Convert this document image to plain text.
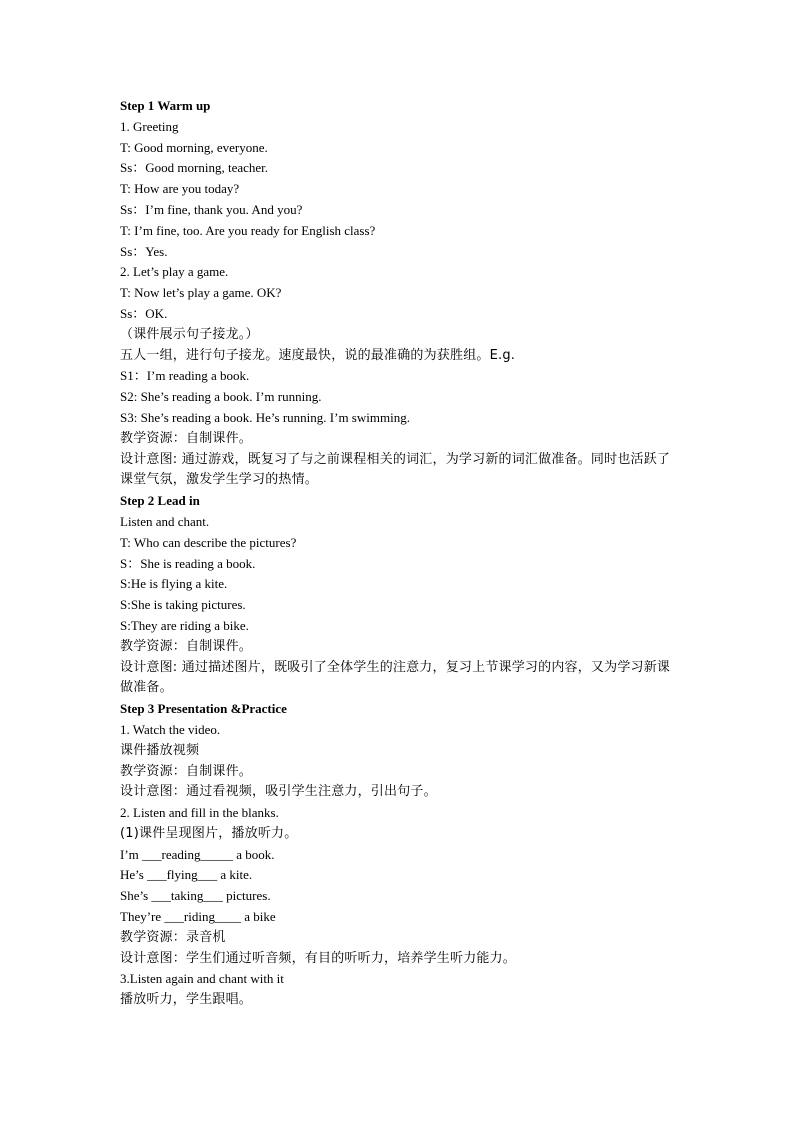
Step 1 Warm up
1. Greeting
T: Good morning, everyone.
Ss：Good morning, teacher.
T: How are you today?
Ss：I’m fine, thank you. And you?
T: I’m fine, too. Are you ready for English class?
Ss：Yes.
2. Let’s play a game.
T: Now let’s play a game. OK?
Ss：OK.
（课件展示句子接龙。）
五人一组，进行句子接龙。速度最快，说的最准确的为获胜组。E.g.
S1：I’m reading a book.
S2: She’s reading a book. I’m running.
S3: She’s reading a book. He’s running. I’m swimming.
教学资源：自制课件。
设计意图: 通过游戏，既复习了与之前课程相关的词汇，为学习新的词汇做准备。同时也活跃了课堂气氛，激发学生学习的热情。
Step 2 Lead in
Listen and chant.
T: Who can describe the pictures?
S：She is reading a book.
S:He is flying a kite.
S:She is taking pictures.
S:They are riding a bike.
教学资源：自制课件。
设计意图: 通过描述图片，既吸引了全体学生的注意力，复习上节课学习的内容，又为学习新课做准备。
Step 3 Presentation &Practice
1. Watch the video.
课件播放视频
教学资源：自制课件。
设计意图：通过看视频，吸引学生注意力，引出句子。
2. Listen and fill in the blanks.
(1)课件呈现图片，播放听力。
I’m ___reading_____ a book.
He’s ___flying___ a kite.
She’s ___taking___ pictures.
They’re ___riding____ a bike
教学资源：录音机
设计意图：学生们通过听音频，有目的听听力，培养学生听力能力。
3.Listen again and chant with it
播放听力，学生跟唱。
